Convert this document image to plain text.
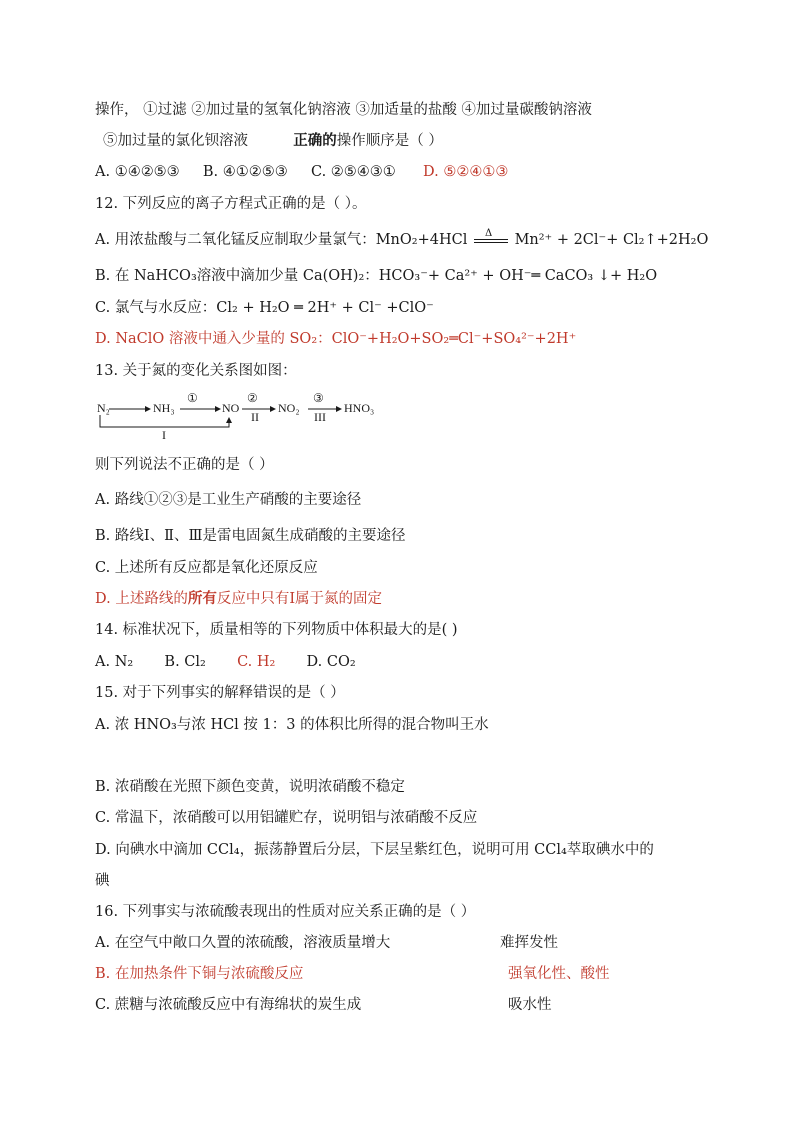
操作， ①过滤 ②加过量的氢氧化钠溶液 ③加适量的盐酸 ④加过量碳酸钠溶液
⑤加过量的氯化钡溶液	正确的操作顺序是（ ）
A. ①④②⑤③ B. ④①②⑤③ C. ②⑤④③① D. ⑤②④①③
12. 下列反应的离子方程式正确的是（ ）。
A. 用浓盐酸与二氧化锰反应制取少量氯气：MnO₂+4HCl Δ Mn²⁺ + 2Cl⁻+ Cl₂↑+2H₂O
B. 在 NaHCO₃溶液中滴加少量 Ca(OH)₂：HCO₃⁻+ Ca²⁺ + OH⁻═ CaCO₃ ↓+ H₂O
C. 氯气与水反应：Cl₂ + H₂O ═ 2H⁺ + Cl⁻ +ClO⁻
D. NaClO 溶液中通入少量的 SO₂：ClO⁻+H₂O+SO₂═Cl⁻+SO₄²⁻+2H⁺
13. 关于氮的变化关系图如图：
N₂	NH₃	NO	NO₂	HNO₃
①	②	③
I
II	III
则下列说法不正确的是（ ）
A. 路线①②③是工业生产硝酸的主要途径
B. 路线Ⅰ、Ⅱ、Ⅲ是雷电固氮生成硝酸的主要途径
C. 上述所有反应都是氧化还原反应
D. 上述路线的所有反应中只有Ⅰ属于氮的固定
14. 标准状况下，质量相等的下列物质中体积最大的是( )
A. N₂ B. Cl₂ C. H₂ D. CO₂
15. 对于下列事实的解释错误的是（ ）
A. 浓 HNO₃与浓 HCl 按 1：3 的体积比所得的混合物叫王水
B. 浓硝酸在光照下颜色变黄，说明浓硝酸不稳定
C. 常温下，浓硝酸可以用铝罐贮存，说明铝与浓硝酸不反应
D. 向碘水中滴加 CCl₄，振荡静置后分层，下层呈紫红色，说明可用 CCl₄萃取碘水中的
碘
16. 下列事实与浓硫酸表现出的性质对应关系正确的是（ ）
A. 在空气中敞口久置的浓硫酸，溶液质量增大	难挥发性
B. 在加热条件下铜与浓硫酸反应	强氧化性、酸性
C. 蔗糖与浓硫酸反应中有海绵状的炭生成	吸水性
